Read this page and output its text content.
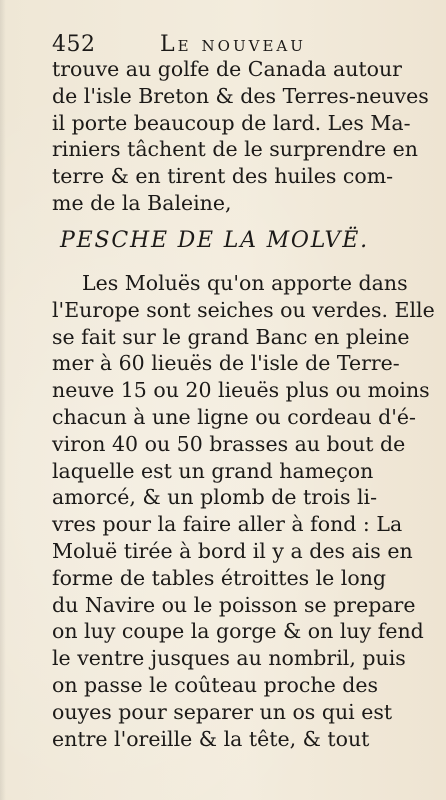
452	Le nouveau
trouve au golfe de Canada autour
de l'isle Breton & des Terres-neuves
il porte beaucoup de lard. Les Ma-
riniers tâchent de le surprendre en
terre & en tirent des huiles com-
me de la Baleine,
PESCHE DE LA MOLVË.
Les Moluës qu'on apporte dans
l'Europe sont seiches ou verdes. Elle
se fait sur le grand Banc en pleine
mer à 60 lieuës de l'isle de Terre-
neuve 15 ou 20 lieuës plus ou moins
chacun à une ligne ou cordeau d'é-
viron 40 ou 50 brasses au bout de
laquelle est un grand hameçon
amorcé, & un plomb de trois li-
vres pour la faire aller à fond : La
Moluë tirée à bord il y a des ais en
forme de tables étroittes le long
du Navire ou le poisson se prepare
on luy coupe la gorge & on luy fend
le ventre jusques au nombril, puis
on passe le coûteau proche des
ouyes pour separer un os qui est
entre l'oreille & la tête, & tout
